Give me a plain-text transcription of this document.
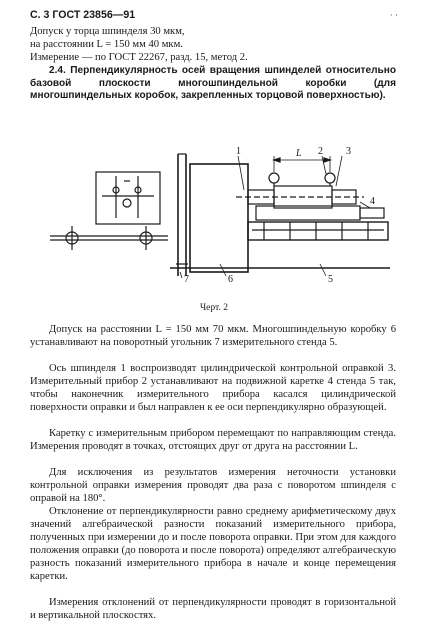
С. 3 ГОСТ 23856—91	· ·

Допуск у торца шпинделя 30 мкм,

на расстоянии L = 150 мм 40 мкм.

Измерение — по ГОСТ 22267, разд. 15, метод 2.

2.4. Перпендикулярность осей вращения шпинделей относительно базовой плоскости многошпиндельной коробки (для многошпиндельных коробок, закрепленных торцовой поверхностью).

1	2 3
4
5
6
7
L
Черт. 2

Допуск на расстоянии L = 150 мм 70 мкм. Многошпиндельную коробку 6 устанавливают на поворотный угольник 7 измерительного стенда 5.

Ось шпинделя 1 воспроизводят цилиндрической контрольной оправкой 3. Измерительный прибор 2 устанавливают на подвижной каретке 4 стенда 5 так, чтобы наконечник измерительного прибора касался цилиндрической поверхности оправки и был направлен к ее оси перпендикулярно образующей.

Каретку с измерительным прибором перемещают по направляющим стенда. Измерения проводят в точках, отстоящих друг от друга на расстоянии L.

Для исключения из результатов измерения неточности установки контрольной оправки измерения проводят два раза с поворотом шпинделя с оправой на 180°.

Отклонение от перпендикулярности равно среднему арифметическому двух значений алгебраической разности показаний измерительного прибора, полученных при измерении до и после поворота оправки. При этом для каждого положения оправки (до поворота и после поворота) определяют алгебраическую разность показаний измерительного прибора в начале и конце перемещения каретки.

Измерения отклонений от перпендикулярности проводят в горизонтальной и вертикальной плоскостях.
